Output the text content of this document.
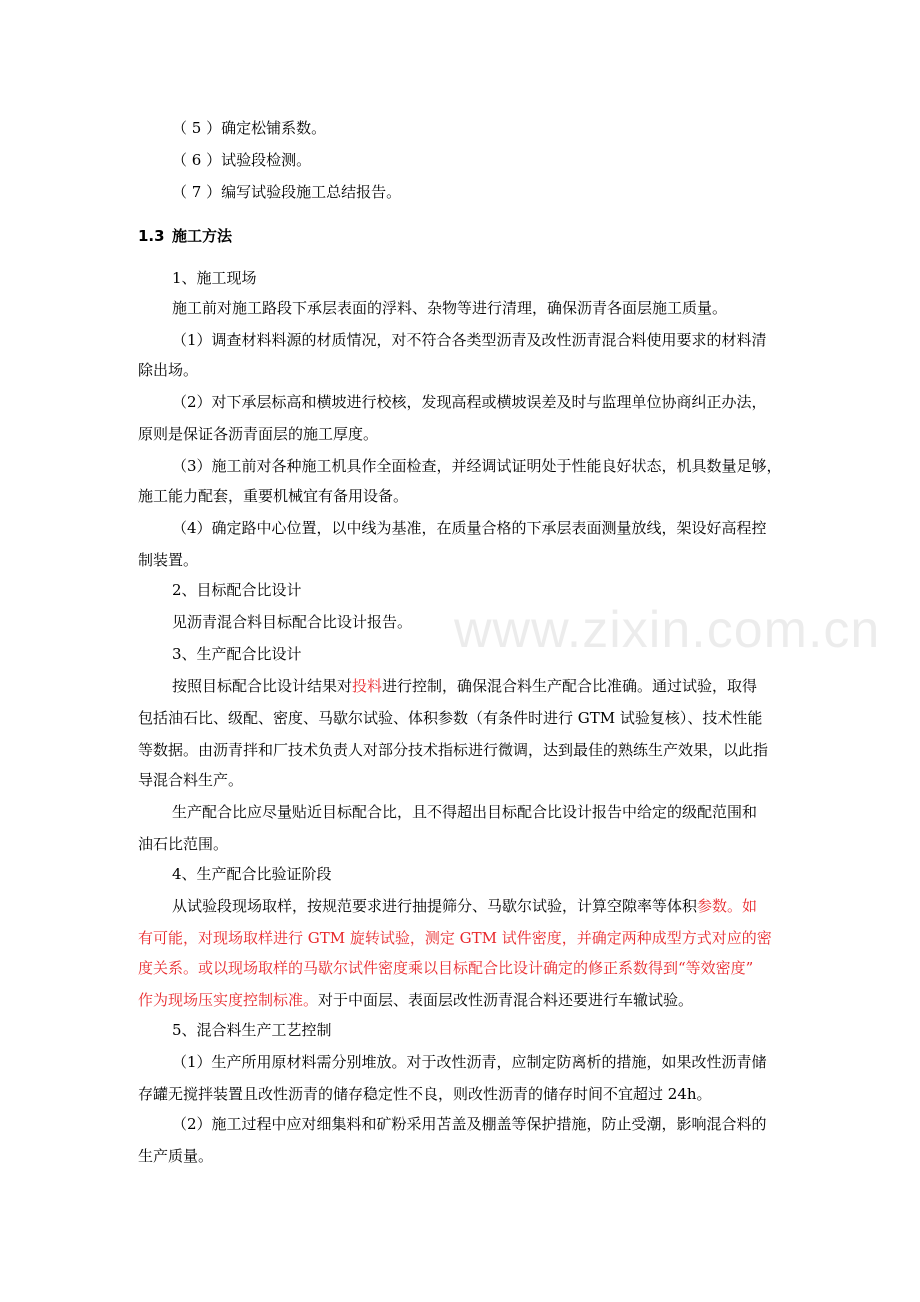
（ 5 ）确定松铺系数。
（ 6 ）试验段检测。
（ 7 ）编写试验段施工总结报告。
1.3 施工方法
1、施工现场
施工前对施工路段下承层表面的浮料、杂物等进行清理，确保沥青各面层施工质量。
（1）调查材料料源的材质情况，对不符合各类型沥青及改性沥青混合料使用要求的材料清
除出场。
（2）对下承层标高和横坡进行校核，发现高程或横坡误差及时与监理单位协商纠正办法，
原则是保证各沥青面层的施工厚度。
（3）施工前对各种施工机具作全面检查，并经调试证明处于性能良好状态，机具数量足够，
施工能力配套，重要机械宜有备用设备。
（4）确定路中心位置，以中线为基准，在质量合格的下承层表面测量放线，架设好高程控
制装置。
2、目标配合比设计
见沥青混合料目标配合比设计报告。
3、生产配合比设计
按照目标配合比设计结果对投料进行控制，确保混合料生产配合比准确。通过试验，取得
包括油石比、级配、密度、马歇尔试验、体积参数（有条件时进行 GTM 试验复核）、技术性能
等数据。由沥青拌和厂技术负责人对部分技术指标进行微调，达到最佳的熟练生产效果，以此指
导混合料生产。
生产配合比应尽量贴近目标配合比，且不得超出目标配合比设计报告中给定的级配范围和
油石比范围。
4、生产配合比验证阶段
从试验段现场取样，按规范要求进行抽提筛分、马歇尔试验，计算空隙率等体积参数。如
有可能，对现场取样进行 GTM 旋转试验，测定 GTM 试件密度，并确定两种成型方式对应的密
度关系。或以现场取样的马歇尔试件密度乘以目标配合比设计确定的修正系数得到“等效密度”
作为现场压实度控制标准。对于中面层、表面层改性沥青混合料还要进行车辙试验。
5、混合料生产工艺控制
（1）生产所用原材料需分别堆放。对于改性沥青，应制定防离析的措施，如果改性沥青储
存罐无搅拌装置且改性沥青的储存稳定性不良，则改性沥青的储存时间不宜超过 24h。
（2）施工过程中应对细集料和矿粉采用苫盖及棚盖等保护措施，防止受潮，影响混合料的
生产质量。
www.zixin.com.cn
